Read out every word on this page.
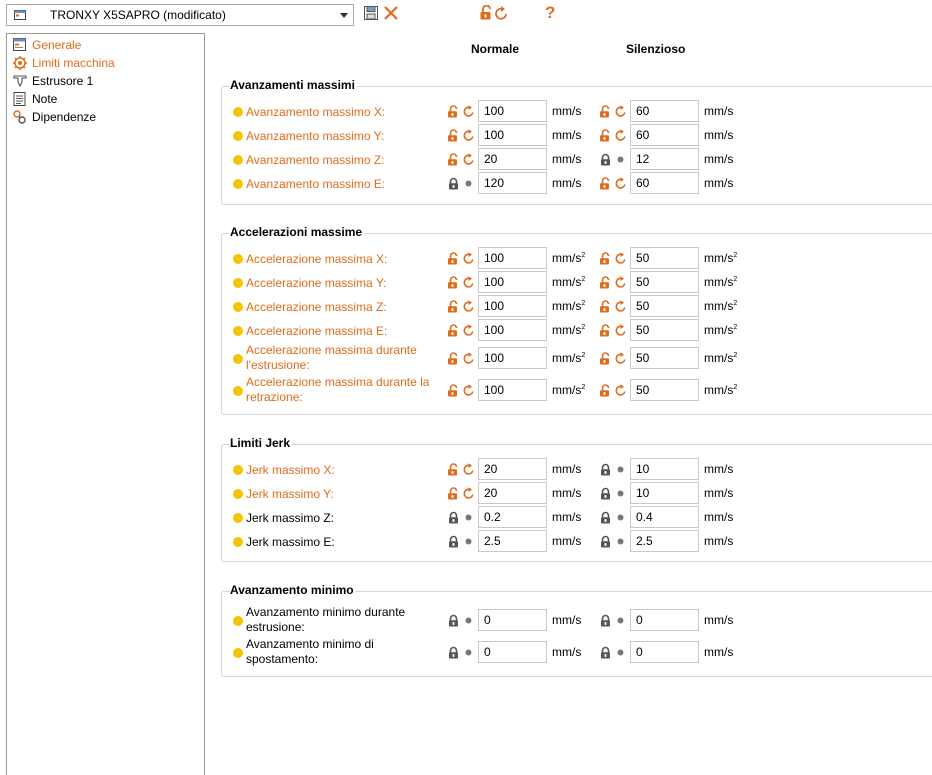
TRONXY X5SAPRO (modificato)	?
Generale
Limiti macchina
Estrusore 1
Note
Dipendenze
Normale	Silenzioso
Avanzamenti massimi
Avanzamento massimo X:	100	mm/s	60	mm/s
Avanzamento massimo Y:	100	mm/s	60	mm/s
Avanzamento massimo Z:	20	mm/s	12	mm/s
Avanzamento massimo E:	120	mm/s	60	mm/s
Accelerazioni massime
Accelerazione massima X:	100	$mm/s^2$	50	$mm/s^2$
Accelerazione massima Y:	100	$mm/s^2$	50	$mm/s^2$
Accelerazione massima Z:	100	$mm/s^2$	50	$mm/s^2$
Accelerazione massima E:	100	$mm/s^2$	50	$mm/s^2$
Accelerazione massima durante l'estrusione:	100	$mm/s^2$	50	$mm/s^2$
Accelerazione massima durante la retrazione:	100	$mm/s^2$	50	$mm/s^2$
Limiti Jerk
Jerk massimo X:	20	mm/s	10	mm/s
Jerk massimo Y:	20	mm/s	10	mm/s
Jerk massimo Z:	0.2	mm/s	0.4	mm/s
Jerk massimo E:	2.5	mm/s	2.5	mm/s
Avanzamento minimo
Avanzamento minimo durante estrusione:	0	mm/s	0	mm/s
Avanzamento minimo di spostamento:	0	mm/s	0	mm/s
